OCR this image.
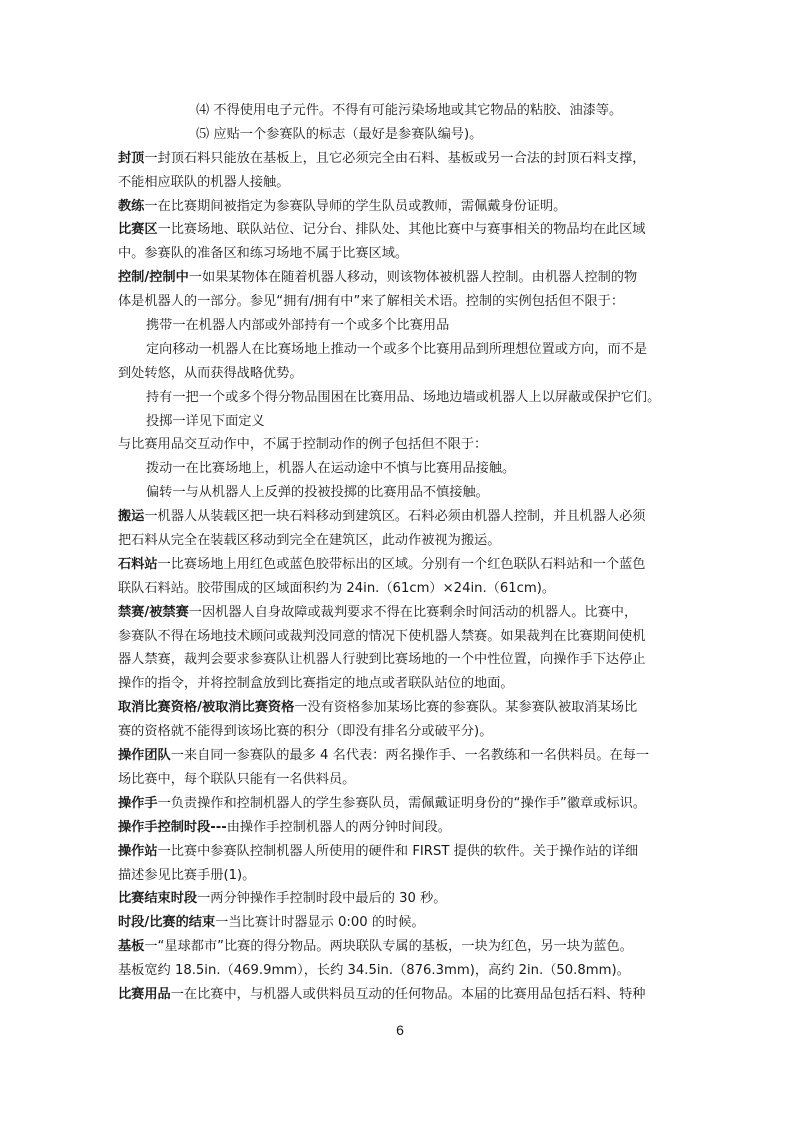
⑷ 不得使用电子元件。不得有可能污染场地或其它物品的粘胶、油漆等。
⑸ 应贴一个参赛队的标志（最好是参赛队编号)。
封顶一封顶石料只能放在基板上，且它必须完全由石料、基板或另一合法的封顶石料支撑，
不能相应联队的机器人接触。
教练一在比赛期间被指定为参赛队导师的学生队员或教师，需佩戴身份证明。
比赛区一比赛场地、联队站位、记分台、排队处、其他比赛中与赛事相关的物品均在此区域
中。参赛队的准备区和练习场地不属于比赛区域。
控制/控制中一如果某物体在随着机器人移动，则该物体被机器人控制。由机器人控制的物
体是机器人的一部分。参见“拥有/拥有中”来了解相关术语。控制的实例包括但不限于：
携带一在机器人内部或外部持有一个或多个比赛用品
定向移动一机器人在比赛场地上推动一个或多个比赛用品到所理想位置或方向，而不是
到处转悠，从而获得战略优势。
持有一把一个或多个得分物品围困在比赛用品、场地边墙或机器人上以屏蔽或保护它们。
投掷一详见下面定义
与比赛用品交互动作中，不属于控制动作的例子包括但不限于：
拨动一在比赛场地上，机器人在运动途中不慎与比赛用品接触。
偏转一与从机器人上反弹的投被投掷的比赛用品不慎接触。
搬运一机器人从装载区把一块石料移动到建筑区。石料必须由机器人控制，并且机器人必须
把石料从完全在装载区移动到完全在建筑区，此动作被视为搬运。
石料站一比赛场地上用红色或蓝色胶带标出的区域。分别有一个红色联队石料站和一个蓝色
联队石料站。胶带围成的区域面积约为 24in.（61cm）×24in.（61cm)。
禁赛/被禁赛一因机器人自身故障或裁判要求不得在比赛剩余时间活动的机器人。比赛中，
参赛队不得在场地技术顾问或裁判没同意的情况下使机器人禁赛。如果裁判在比赛期间使机
器人禁赛，裁判会要求参赛队让机器人行驶到比赛场地的一个中性位置，向操作手下达停止
操作的指令，并将控制盒放到比赛指定的地点或者联队站位的地面。
取消比赛资格/被取消比赛资格一没有资格参加某场比赛的参赛队。某参赛队被取消某场比
赛的资格就不能得到该场比赛的积分（即没有排名分或破平分)。
操作团队一来自同一参赛队的最多 4 名代表：两名操作手、一名教练和一名供料员。在每一
场比赛中，每个联队只能有一名供料员。
操作手一负责操作和控制机器人的学生参赛队员，需佩戴证明身份的“操作手”徽章或标识。
操作手控制时段---由操作手控制机器人的两分钟时间段。
操作站一比赛中参赛队控制机器人所使用的硬件和 FIRST 提供的软件。关于操作站的详细
描述参见比赛手册(1)。
比赛结束时段一两分钟操作手控制时段中最后的 30 秒。
时段/比赛的结束一当比赛计时器显示 0:00 的时候。
基板一“星球都市”比赛的得分物品。两块联队专属的基板，一块为红色，另一块为蓝色。
基板宽约 18.5in.（469.9mm），长约 34.5in.（876.3mm)，高约 2in.（50.8mm)。
比赛用品一在比赛中，与机器人或供料员互动的任何物品。本届的比赛用品包括石料、特种
6
